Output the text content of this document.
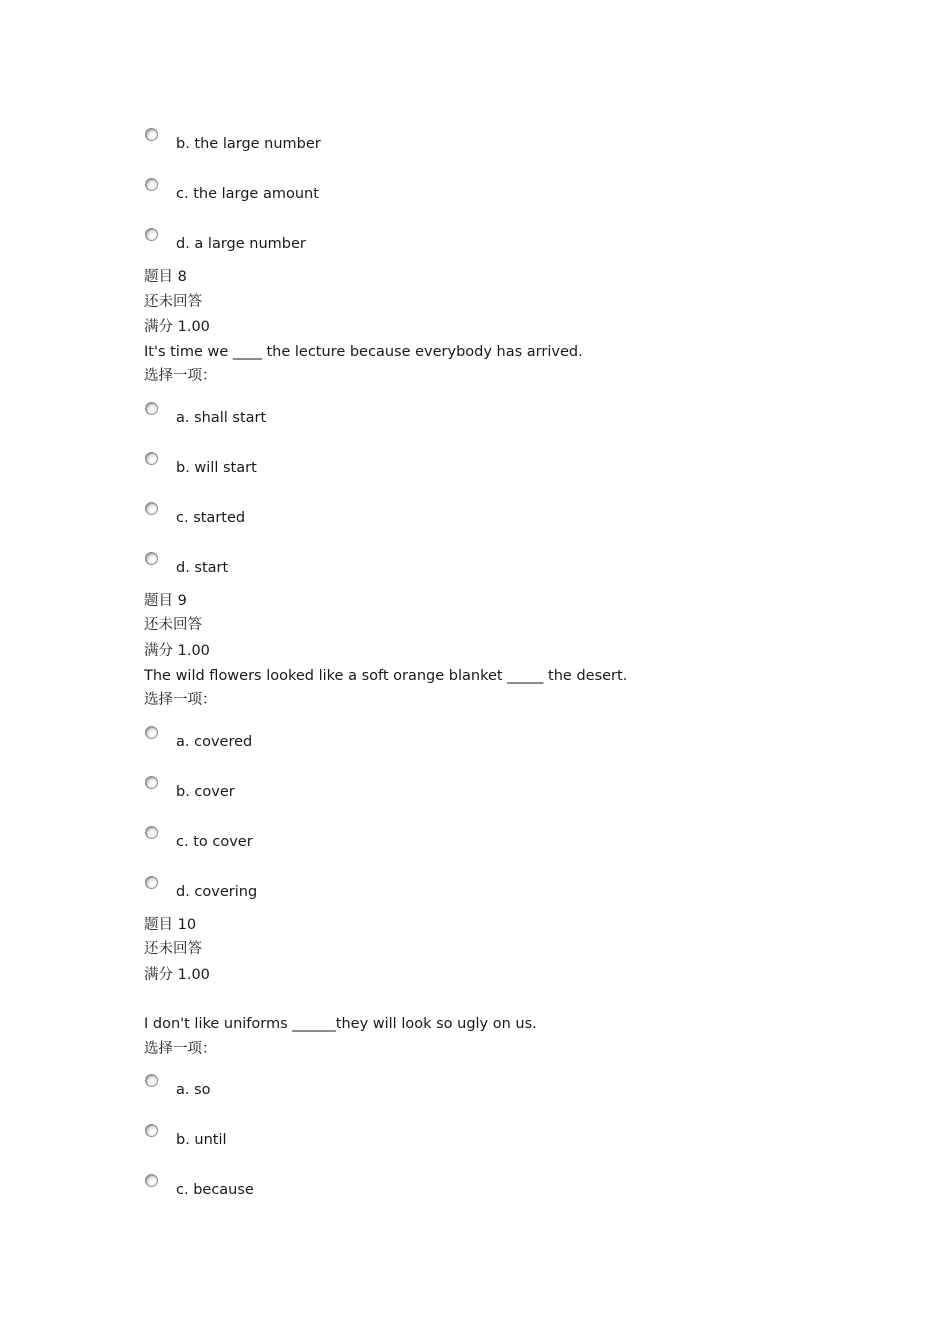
b. the large number
c. the large amount
d. a large number
题目 8
还未回答
满分 1.00
It's time we ____ the lecture because everybody has arrived.
选择一项：
a. shall start
b. will start
c. started
d. start
题目 9
还未回答
满分 1.00
The wild flowers looked like a soft orange blanket _____ the desert.
选择一项：
a. covered
b. cover
c. to cover
d. covering
题目 10
还未回答
满分 1.00
I don't like uniforms ______they will look so ugly on us.
选择一项：
a. so
b. until
c. because
